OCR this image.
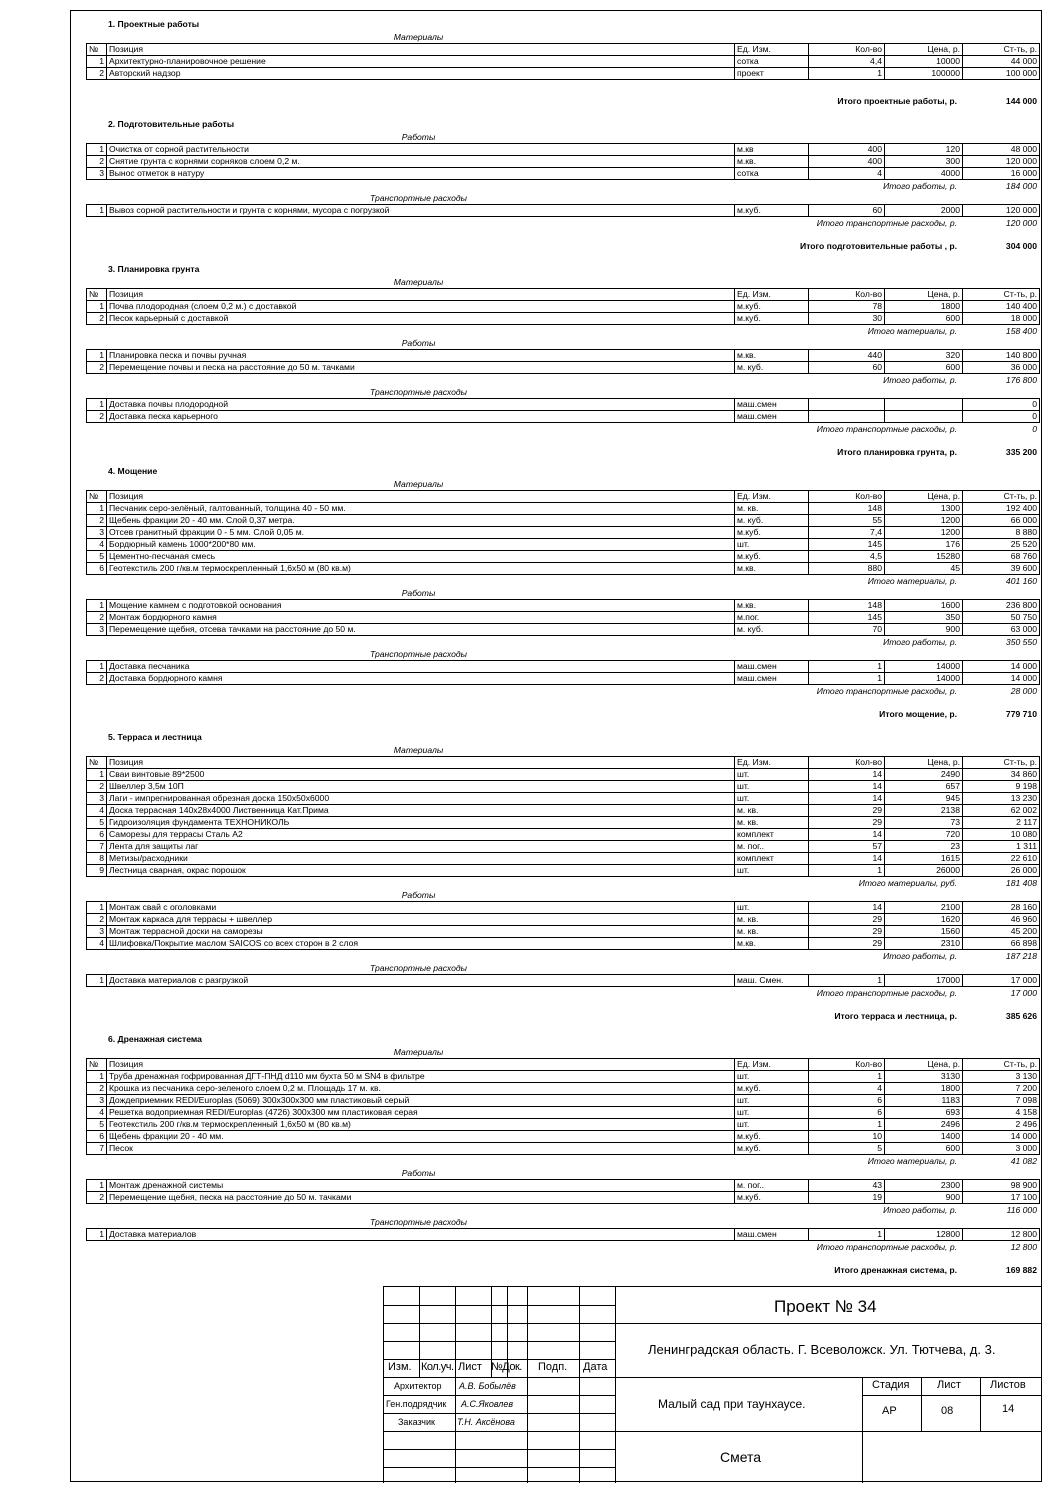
1. Проектные работы
Материалы
№	Позиция	Ед. Изм.	Кол-во	Цена, р.	Ст-ть, р.
1	Архитектурно-планировочное решение	сотка	4,4	10000	44 000
2	Авторский надзор	проект	1	100000	100 000
Итого проектные работы, р.	144 000
2. Подготовительные работы
Работы
1	Очистка от сорной растительности	м.кв	400	120	48 000
2	Снятие грунта с корнями сорняков слоем 0,2 м.	м.кв.	400	300	120 000
3	Вынос отметок в натуру	сотка	4	4000	16 000
Итого работы, р.	184 000
Транспортные расходы
1	Вывоз сорной растительности и грунта с корнями, мусора с погрузкой	м.куб.	60	2000	120 000
Итого транспортные расходы, р.	120 000
Итого подготовительные работы , р.	304 000
3. Планировка грунта
Материалы
№	Позиция	Ед. Изм.	Кол-во	Цена, р.	Ст-ть, р.
1	Почва плодородная (слоем 0,2 м.) с доставкой	м.куб.	78	1800	140 400
2	Песок карьерный с доставкой	м.куб.	30	600	18 000
Итого материалы, р.	158 400
Работы
1	Планировка песка и почвы ручная	м.кв.	440	320	140 800
2	Перемещение почвы и песка на расстояние до 50 м. тачками	м. куб.	60	600	36 000
Итого работы, р.	176 800
Транспортные расходы
1	Доставка почвы плодородной	маш.смен			0
2	Доставка песка карьерного	маш.смен			0
Итого транспортные расходы, р.	0
Итого планировка грунта, р.	335 200
4. Мощение
Материалы
№	Позиция	Ед. Изм.	Кол-во	Цена, р.	Ст-ть, р.
1	Песчаник серо-зелёный, галтованный, толщина 40 - 50 мм.	м. кв.	148	1300	192 400
2	Щебень фракции 20 - 40 мм. Слой 0,37 метра.	м. куб.	55	1200	66 000
3	Отсев гранитный фракции 0 - 5 мм. Слой 0,05 м.	м.куб.	7,4	1200	8 880
4	Бордюрный камень 1000*200*80 мм.	шт.	145	176	25 520
5	Цементно-песчаная смесь	м.куб.	4,5	15280	68 760
6	Геотекстиль 200 г/кв.м термоскрепленный 1,6х50 м (80 кв.м)	м.кв.	880	45	39 600
Итого материалы, р.	401 160
Работы
1	Мощение камнем с подготовкой основания	м.кв.	148	1600	236 800
2	Монтаж бордюрного камня	м.пог.	145	350	50 750
3	Перемещение щебня, отсева тачками на расстояние до 50 м.	м. куб.	70	900	63 000
Итого работы, р.	350 550
Транспортные расходы
1	Доставка песчаника	маш.смен	1	14000	14 000
2	Доставка бордюрного камня	маш.смен	1	14000	14 000
Итого транспортные расходы, р.	28 000
Итого мощение, р.	779 710
5. Терраса и лестница
Материалы
№	Позиция	Ед. Изм.	Кол-во	Цена, р.	Ст-ть, р.
1	Сваи винтовые 89*2500	шт.	14	2490	34 860
2	Швеллер 3,5м 10П	шт.	14	657	9 198
3	Лаги - импрегнированная обрезная доска 150х50х6000	шт.	14	945	13 230
4	Доска террасная 140х28х4000 Лиственница Кат.Прима	м. кв.	29	2138	62 002
5	Гидроизоляция фундамента ТЕХНОНИКОЛЬ	м. кв.	29	73	2 117
6	Саморезы для террасы Сталь А2	комплект	14	720	10 080
7	Лента для защиты лаг	м. пог..	57	23	1 311
8	Метизы/расходники	комплект	14	1615	22 610
9	Лестница сварная, окрас порошок	шт.	1	26000	26 000
Итого материалы, руб.	181 408
Работы
1	Монтаж свай с оголовками	шт.	14	2100	28 160
2	Монтаж каркаса для террасы + швеллер	м. кв.	29	1620	46 960
3	Монтаж террасной доски на саморезы	м. кв.	29	1560	45 200
4	Шлифовка/Покрытие маслом SAICOS со всех сторон в 2 слоя	м.кв.	29	2310	66 898
Итого работы, р.	187 218
Транспортные расходы
1	Доставка материалов с разгрузкой	маш. Смен.	1	17000	17 000
Итого транспортные расходы, р.	17 000
Итого терраса и лестница, р.	385 626
6. Дренажная система
Материалы
№	Позиция	Ед. Изм.	Кол-во	Цена, р.	Ст-ть, р.
1	Труба дренажная гофрированная ДГТ-ПНД d110 мм бухта 50 м SN4 в фильтре	шт.	1	3130	3 130
2	Крошка из песчаника серо-зеленого слоем 0,2 м. Площадь 17 м. кв.	м.куб.	4	1800	7 200
3	Дождеприемник REDI/Europlas (5069) 300х300х300 мм пластиковый серый	шт.	6	1183	7 098
4	Решетка водоприемная REDI/Europlas (4726) 300х300 мм пластиковая серая	шт.	6	693	4 158
5	Геотекстиль 200 г/кв.м термоскрепленный 1,6х50 м (80 кв.м)	шт.	1	2496	2 496
6	Щебень фракции 20 - 40 мм.	м.куб.	10	1400	14 000
7	Песок	м.куб.	5	600	3 000
Итого материалы, р.	41 082
Работы
1	Монтаж дренажной системы	м. пог..	43	2300	98 900
2	Перемещение щебня, песка на расстояние до 50 м. тачками	м.куб.	19	900	17 100
Итого работы, р.	116 000
Транспортные расходы
1	Доставка материалов	маш.смен	1	12800	12 800
Итого транспортные расходы, р.	12 800
Итого дренажная система, р.	169 882
Проект № 34
Ленинградская область. Г. Всеволожск. Ул. Тютчева, д. 3.
Изм. Кол.уч. Лист №Док. Подп. Дата
Архитектор А.В. Бобылёв
Ген.подрядчик А.С.Яковлев
Заказчик Т.Н. Аксёнова
Малый сад при таунхаусе.
Стадия	Лист	Листов
АР	08	14
Смета
